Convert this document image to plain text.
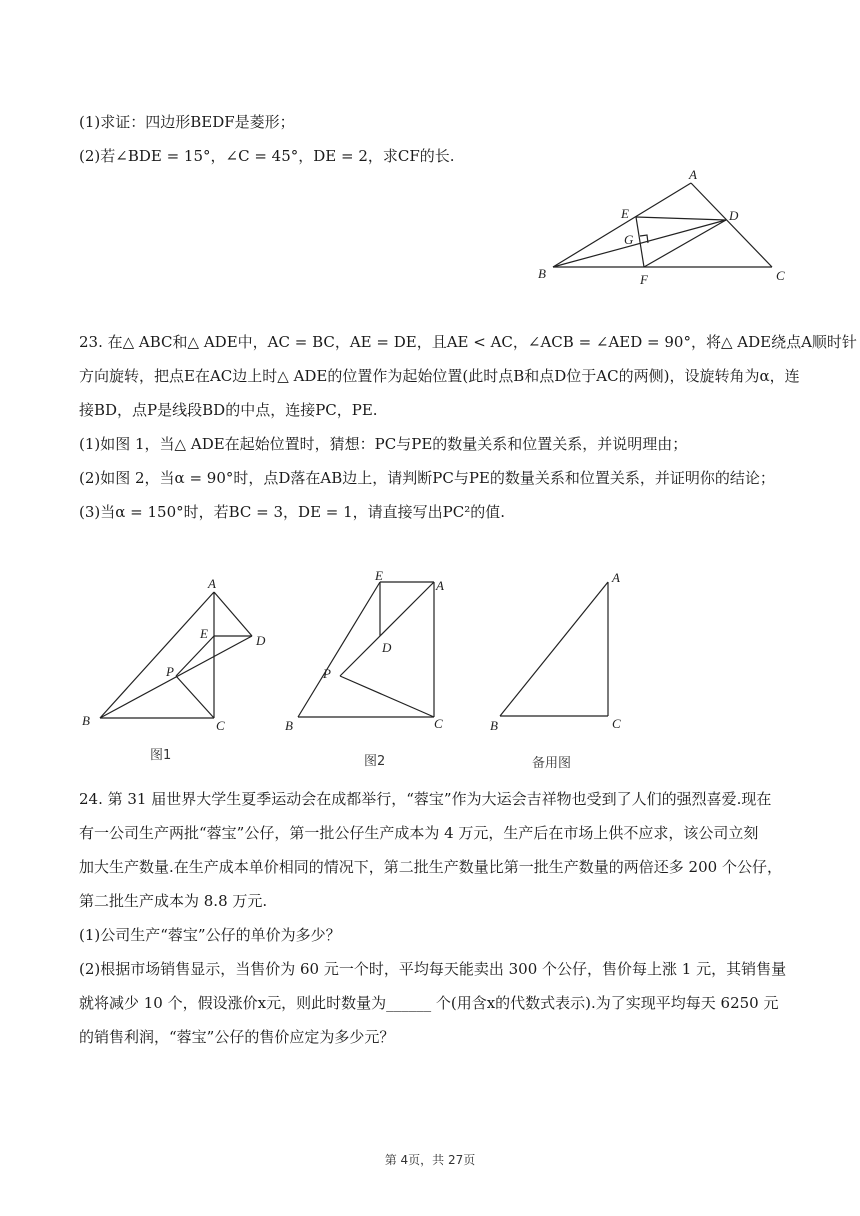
(1)求证：四边形BEDF是菱形；
(2)若∠BDE = 15°，∠C = 45°，DE = 2，求CF的长.
A
E	D
G
B	F	C
23. 在△ ABC和△ ADE中，AC = BC，AE = DE，且AE < AC，∠ACB = ∠AED = 90°，将△ ADE绕点A顺时针
方向旋转，把点E在AC边上时△ ADE的位置作为起始位置(此时点B和点D位于AC的两侧)，设旋转角为α，连
接BD，点P是线段BD的中点，连接PC，PE.
(1)如图 1，当△ ADE在起始位置时，猜想：PC与PE的数量关系和位置关系，并说明理由；
(2)如图 2，当α = 90°时，点D落在AB边上，请判断PC与PE的数量关系和位置关系，并证明你的结论；
(3)当α = 150°时，若BC = 3，DE = 1，请直接写出PC²的值.
A
E	D
P
B	C
图1
E
A
D
P
B	C
图2
A
B	C
备用图
24. 第 31 届世界大学生夏季运动会在成都举行，“蓉宝”作为大运会吉祥物也受到了人们的强烈喜爱.现在
有一公司生产两批“蓉宝”公仔，第一批公仔生产成本为 4 万元，生产后在市场上供不应求，该公司立刻
加大生产数量.在生产成本单价相同的情况下，第二批生产数量比第一批生产数量的两倍还多 200 个公仔，
第二批生产成本为 8.8 万元.
(1)公司生产“蓉宝”公仔的单价为多少？
(2)根据市场销售显示，当售价为 60 元一个时，平均每天能卖出 300 个公仔，售价每上涨 1 元，其销售量
就将减少 10 个，假设涨价x元，则此时数量为______ 个(用含x的代数式表示).为了实现平均每天 6250 元
的销售利润，“蓉宝”公仔的售价应定为多少元？
第 4页，共 27页
